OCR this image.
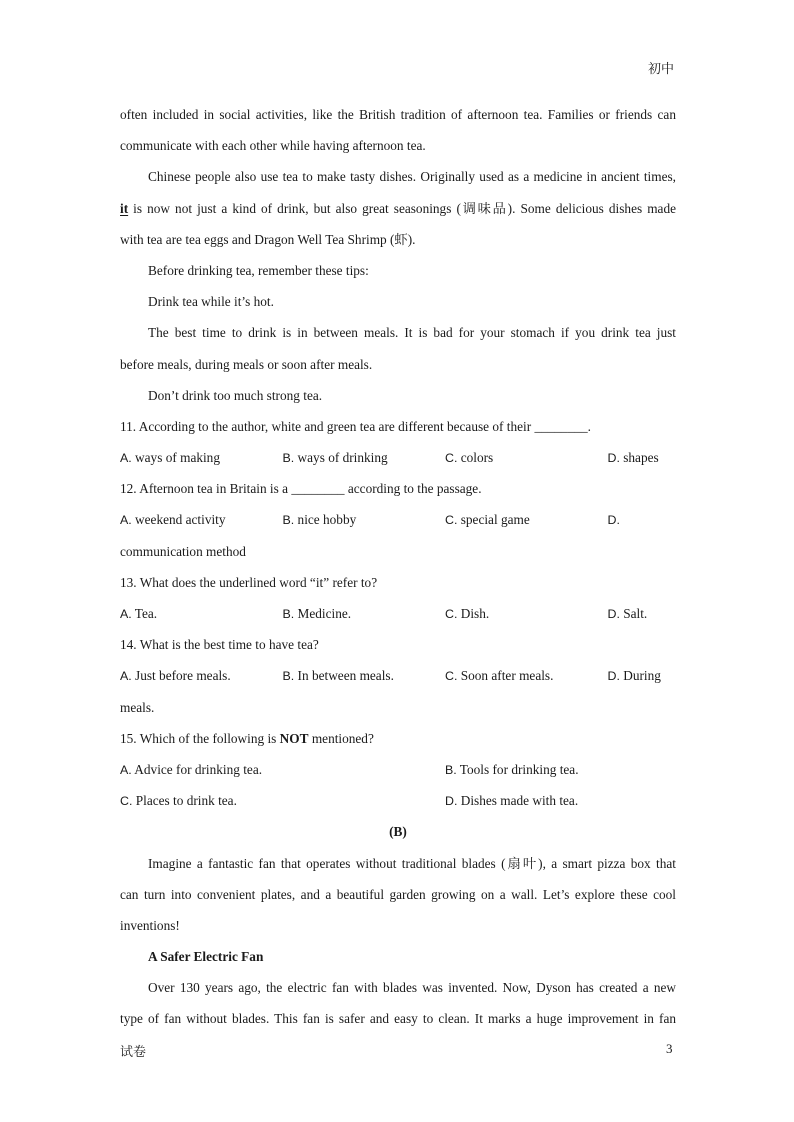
初中
often included in social activities, like the British tradition of afternoon tea. Families or friends can
communicate with each other while having afternoon tea.
Chinese people also use tea to make tasty dishes. Originally used as a medicine in ancient times,
it is now not just a kind of drink, but also great seasonings (调味品). Some delicious dishes made
with tea are tea eggs and Dragon Well Tea Shrimp (虾).
Before drinking tea, remember these tips:
Drink tea while it’s hot.
The best time to drink is in between meals. It is bad for your stomach if you drink tea just
before meals, during meals or soon after meals.
Don’t drink too much strong tea.
11. According to the author, white and green tea are different because of their ________.
A. ways of making	B. ways of drinking	C. colors	D. shapes
12. Afternoon tea in Britain is a ________ according to the passage.
A. weekend activity	B. nice hobby	C. special game	D.
communication method
13. What does the underlined word “it” refer to?
A. Tea.	B. Medicine.	C. Dish.	D. Salt.
14. What is the best time to have tea?
A. Just before meals.	B. In between meals.	C. Soon after meals.	D. During
meals.
15. Which of the following is NOT mentioned?
A. Advice for drinking tea.	B. Tools for drinking tea.
C. Places to drink tea.	D. Dishes made with tea.
(B)
Imagine a fantastic fan that operates without traditional blades (扇叶), a smart pizza box that
can turn into convenient plates, and a beautiful garden growing on a wall. Let’s explore these cool
inventions!
A Safer Electric Fan
Over 130 years ago, the electric fan with blades was invented. Now, Dyson has created a new
type of fan without blades. This fan is safer and easy to clean. It marks a huge improvement in fan
试卷	3
